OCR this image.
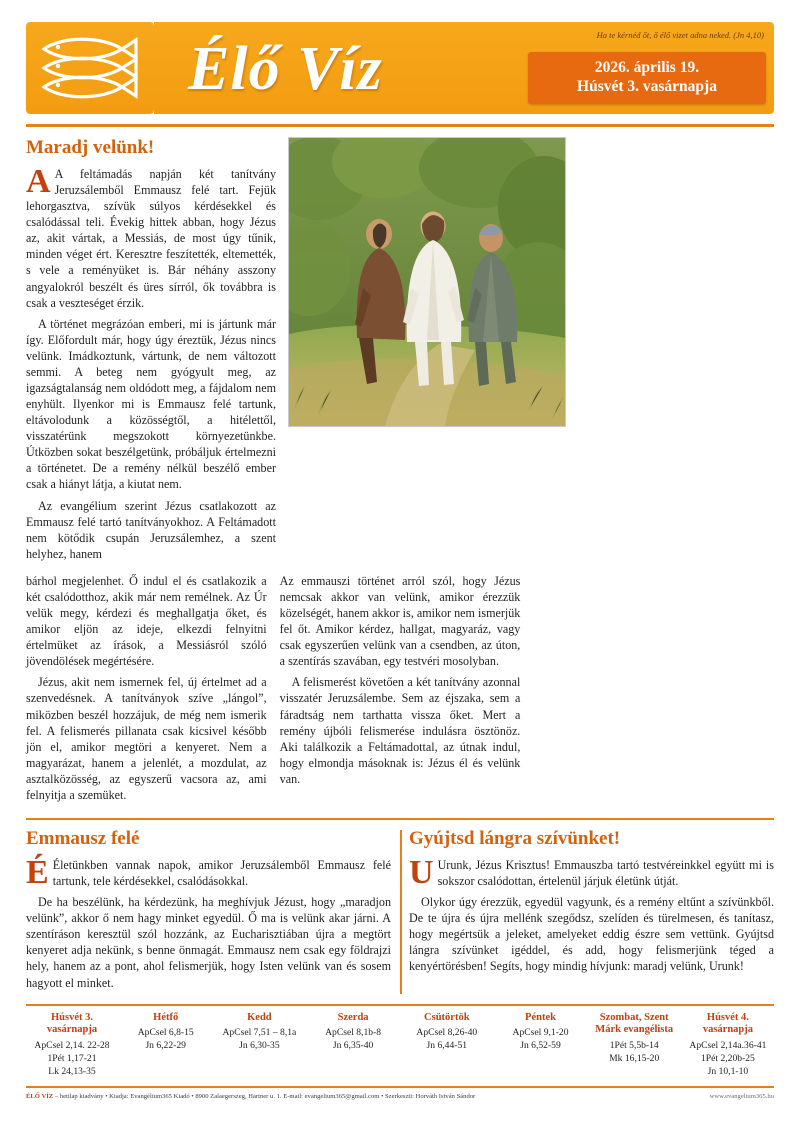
Élő Víz	Ha te kérnéd őt, ő élő vizet adna neked. (Jn 4,10)
2026. április 19.
Húsvét 3. vasárnapja
Maradj velünk!

A A feltámadás napján két tanítvány Jeruzsálemből Emmausz felé tart. Fejük lehorgasztva, szívük súlyos kérdésekkel és csalódással teli. Évekig hittek abban, hogy Jézus az, akit vártak, a Messiás, de most úgy tűnik, minden véget ért. Keresztre feszítették, eltemették, s vele a reményüket is. Bár néhány asszony angyalokról beszélt és üres sírról, ők továbbra is csak a veszteséget érzik.

A történet megrázóan emberi, mi is jártunk már így. Előfordult már, hogy úgy éreztük, Jézus nincs velünk. Imádkoztunk, vártunk, de nem változott semmi. A beteg nem gyógyult meg, az igazságtalanság nem oldódott meg, a fájdalom nem enyhült. Ilyenkor mi is Emmausz felé tartunk, eltávolodunk a közösségtől, a hitélettől, visszatérünk megszokott környezetünkbe. Útközben sokat beszélgetünk, próbáljuk értelmezni a történetet. De a remény nélkül beszélő ember csak a hiányt látja, a kiutat nem.

Az evangélium szerint Jézus csatlakozott az Emmausz felé tartó tanítványokhoz. A Feltámadott nem kötődik csupán Jeruzsálemhez, a szent helyhez, hanem

bárhol megjelenhet. Ő indul el és csatlakozik a két csalódotthoz, akik már nem remélnek. Az Úr velük megy, kérdezi és meghallgatja őket, és amikor eljön az ideje, elkezdi felnyitni értelmüket az írások, a Messiásról szóló jövendölések megértésére.

Jézus, akit nem ismernek fel, új értelmet ad a szenvedésnek. A tanítványok szíve „lángol”, miközben beszél hozzájuk, de még nem ismerik fel. A felismerés pillanata csak kicsivel később jön el, amikor megtöri a kenyeret. Nem a magyarázat, hanem a jelenlét, a mozdulat, az asztalközösség, az egyszerű vacsora az, ami felnyitja a szemüket.

Az emmauszi történet arról szól, hogy Jézus nemcsak akkor van velünk, amikor érezzük közelségét, hanem akkor is, amikor nem ismerjük fel őt. Amikor kérdez, hallgat, magyaráz, vagy csak egyszerűen velünk van a csendben, az úton, a szentírás szavában, egy testvéri mosolyban.

A felismerést követően a két tanítvány azonnal visszatér Jeruzsálembe. Sem az éjszaka, sem a fáradtság nem tarthatta vissza őket. Mert a remény újbóli felismerése indulásra ösztönöz. Aki találkozik a Feltámadottal, az útnak indul, hogy elmondja másoknak is: Jézus él és velünk van.

Emmausz felé

É Életünkben vannak napok, amikor Jeruzsálemből Emmausz felé tartunk, tele kérdésekkel, csalódásokkal.

De ha beszélünk, ha kérdezünk, ha meghívjuk Jézust, hogy „maradjon velünk”, akkor ő nem hagy minket egyedül. Ő ma is velünk akar járni. A szentíráson keresztül szól hozzánk, az Eucharisztiában újra a megtört kenyeret adja nekünk, s benne önmagát. Emmausz nem csak egy földrajzi hely, hanem az a pont, ahol felismerjük, hogy Isten velünk van és sosem hagyott el minket.

Gyújtsd lángra szívünket!

U Urunk, Jézus Krisztus! Emmauszba tartó testvéreinkkel együtt mi is sokszor csalódottan, értelenül járjuk életünk útját.

Olykor úgy érezzük, egyedül vagyunk, és a remény eltűnt a szívünkből. De te újra és újra mellénk szegődsz, szelíden és türelmesen, és tanítasz, hogy megértsük a jeleket, amelyeket eddig észre sem vettünk. Gyújtsd lángra szívünket igéddel, és add, hogy felismerjünk téged a kenyértörésben! Segíts, hogy mindig hívjunk: maradj velünk, Urunk!

Húsvét 3. vasárnapja
ApCsel 2,14. 22-28
1Pét 1,17-21
Lk 24,13-35
Hétfő
ApCsel 6,8-15
Jn 6,22-29
Kedd
ApCsel 7,51 – 8,1a
Jn 6,30-35
Szerda
ApCsel 8,1b-8
Jn 6,35-40
Csütörtök
ApCsel 8,26-40
Jn 6,44-51
Péntek
ApCsel 9,1-20
Jn 6,52-59
Szombat, Szent Márk evangélista
1Pét 5,5b-14
Mk 16,15-20
Húsvét 4. vasárnapja
ApCsel 2,14a.36-41
1Pét 2,20b-25
Jn 10,1-10
ÉLŐ VÍZ – hetilap kiadvány • Kiadja: Evangélium365 Kiadó • 8900 Zalaegerszeg, Hartner u. 1. E-mail: evangelium365@gmail.com • Szerkeszti: Horváth István Sándor	www.evangelium365.hu
